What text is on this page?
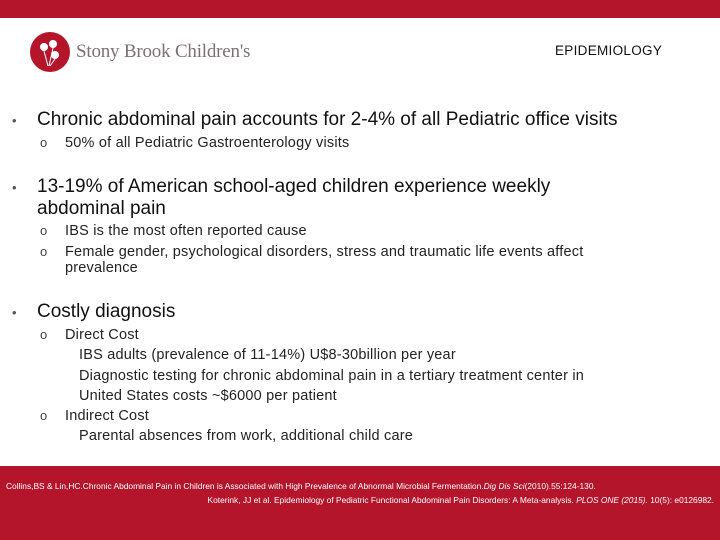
Stony Brook Children's	EPIDEMIOLOGY
• Chronic abdominal pain accounts for 2-4% of all Pediatric office visits
o 50% of all Pediatric Gastroenterology visits
• 13-19% of American school-aged children experience weekly
abdominal pain
o IBS is the most often reported cause
o Female gender, psychological disorders, stress and traumatic life events affect
prevalence
• Costly diagnosis
o Direct Cost
IBS adults (prevalence of 11-14%) U$8-30billion per year
Diagnostic testing for chronic abdominal pain in a tertiary treatment center in
United States costs ~$6000 per patient
o Indirect Cost
Parental absences from work, additional child care
Collins,BS & Lin,HC.Chronic Abdominal Pain in Children is Associated with High Prevalence of Abnormal Microbial Fermentation.Dig Dis Sci(2010).55:124-130.
Koterink, JJ et al. Epidemiology of Pediatric Functional Abdominal Pain Disorders: A Meta-analysis. PLOS ONE (2015). 10(5): e0126982.
